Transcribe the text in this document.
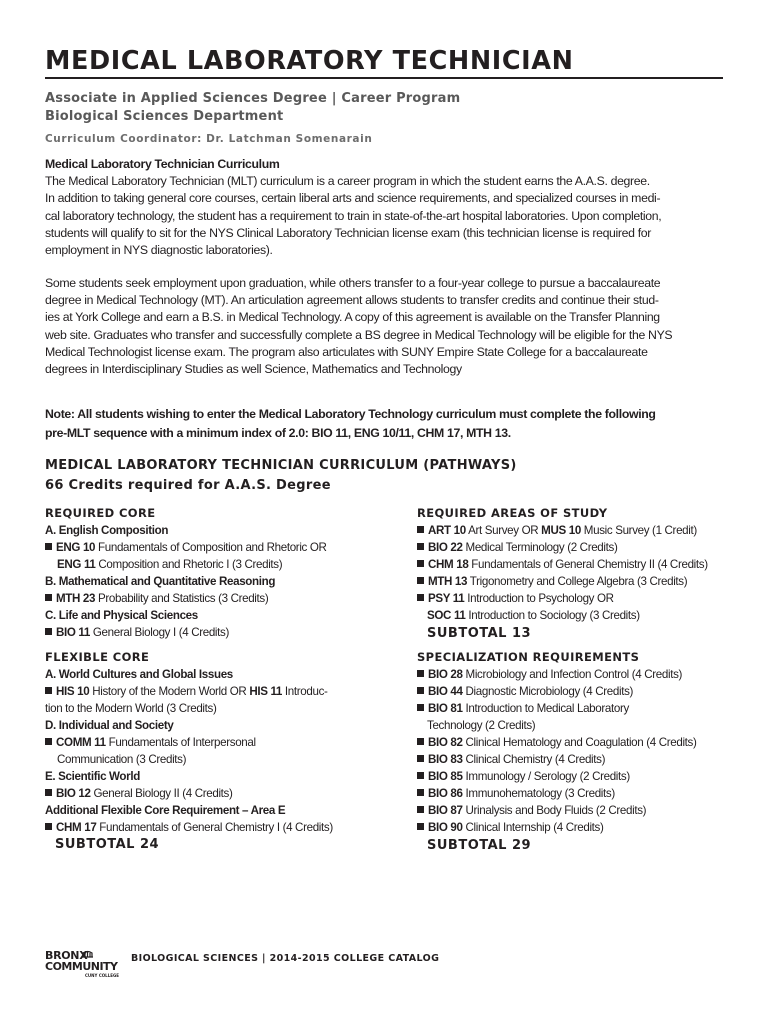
MEDICAL LABORATORY TECHNICIAN
Associate in Applied Sciences Degree | Career Program
Biological Sciences Department
Curriculum Coordinator: Dr. Latchman Somenarain
Medical Laboratory Technician Curriculum
The Medical Laboratory Technician (MLT) curriculum is a career program in which the student earns the A.A.S. degree.
In addition to taking general core courses, certain liberal arts and science requirements, and specialized courses in medi-
cal laboratory technology, the student has a requirement to train in state-of-the-art hospital laboratories. Upon completion,
students will qualify to sit for the NYS Clinical Laboratory Technician license exam (this technician license is required for
employment in NYS diagnostic laboratories).
Some students seek employment upon graduation, while others transfer to a four-year college to pursue a baccalaureate
degree in Medical Technology (MT). An articulation agreement allows students to transfer credits and continue their stud-
ies at York College and earn a B.S. in Medical Technology. A copy of this agreement is available on the Transfer Planning
web site. Graduates who transfer and successfully complete a BS degree in Medical Technology will be eligible for the NYS
Medical Technologist license exam. The program also articulates with SUNY Empire State College for a baccalaureate
degrees in Interdisciplinary Studies as well Science, Mathematics and Technology
Note: All students wishing to enter the Medical Laboratory Technology curriculum must complete the following
pre-MLT sequence with a minimum index of 2.0: BIO 11, ENG 10/11, CHM 17, MTH 13.
MEDICAL LABORATORY TECHNICIAN CURRICULUM (PATHWAYS)
66 Credits required for A.A.S. Degree
REQUIRED CORE
A. English Composition
ENG 10 Fundamentals of Composition and Rhetoric OR
ENG 11 Composition and Rhetoric I (3 Credits)
B. Mathematical and Quantitative Reasoning
MTH 23 Probability and Statistics (3 Credits)
C. Life and Physical Sciences
BIO 11 General Biology I (4 Credits)
FLEXIBLE CORE
A. World Cultures and Global Issues
HIS 10 History of the Modern World OR HIS 11 Introduc-
tion to the Modern World (3 Credits)
D. Individual and Society
COMM 11 Fundamentals of Interpersonal
Communication (3 Credits)
E. Scientific World
BIO 12 General Biology II (4 Credits)
Additional Flexible Core Requirement – Area E
CHM 17 Fundamentals of General Chemistry I (4 Credits)
SUBTOTAL 24
REQUIRED AREAS OF STUDY
ART 10 Art Survey OR MUS 10 Music Survey (1 Credit)
BIO 22 Medical Terminology (2 Credits)
CHM 18 Fundamentals of General Chemistry II (4 Credits)
MTH 13 Trigonometry and College Algebra (3 Credits)
PSY 11 Introduction to Psychology OR
SOC 11 Introduction to Sociology (3 Credits)
SUBTOTAL 13
SPECIALIZATION REQUIREMENTS
BIO 28 Microbiology and Infection Control (4 Credits)
BIO 44 Diagnostic Microbiology (4 Credits)
BIO 81 Introduction to Medical Laboratory
Technology (2 Credits)
BIO 82 Clinical Hematology and Coagulation (4 Credits)
BIO 83 Clinical Chemistry (4 Credits)
BIO 85 Immunology / Serology (2 Credits)
BIO 86 Immunohematology (3 Credits)
BIO 87 Urinalysis and Body Fluids (2 Credits)
BIO 90 Clinical Internship (4 Credits)
SUBTOTAL 29
BRONX
COMMUNITY
CUNY COLLEGE
BIOLOGICAL SCIENCES | 2014-2015 COLLEGE CATALOG
